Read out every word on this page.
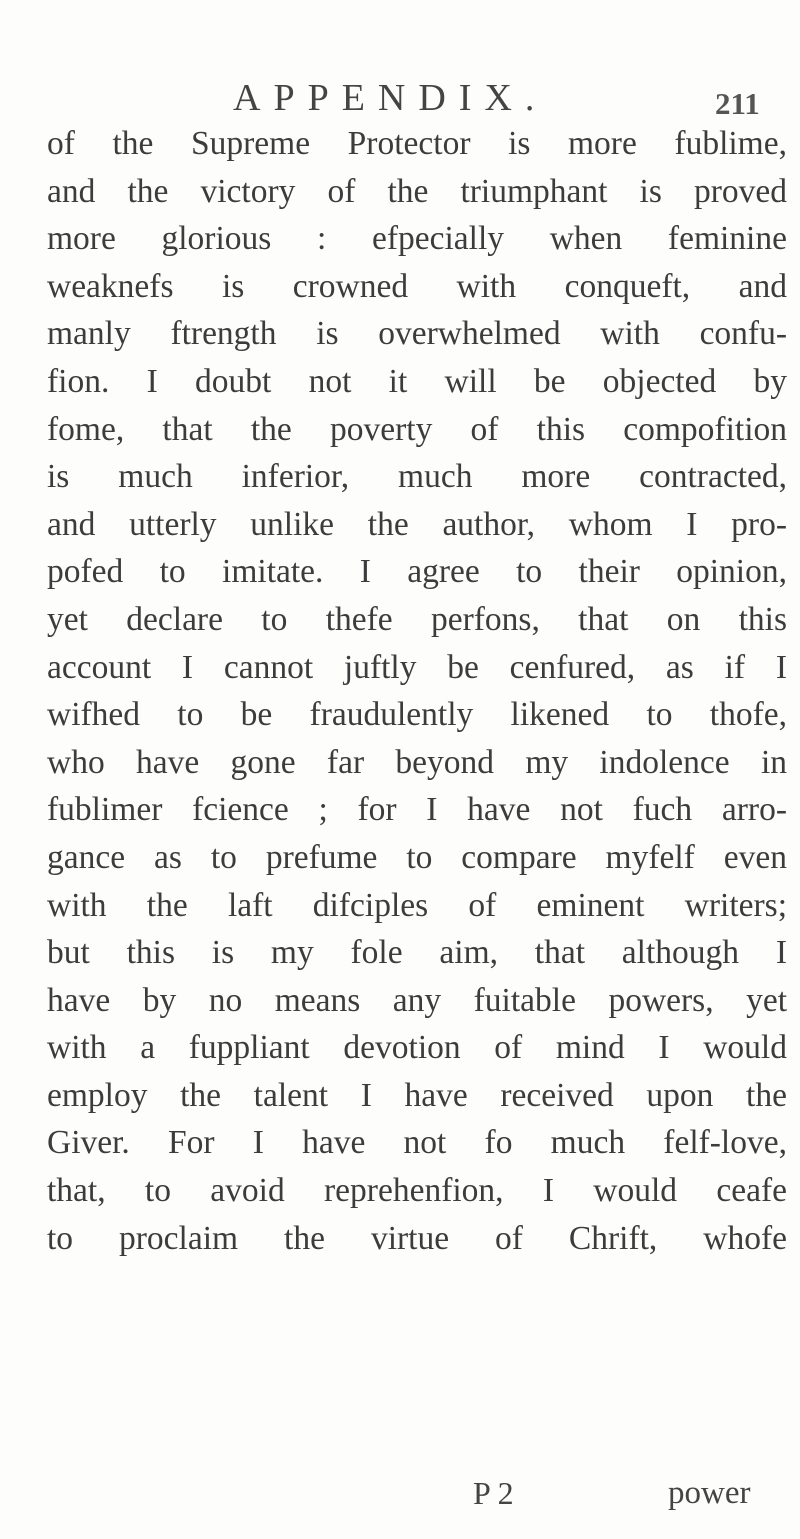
APPENDIX.	211
of the Supreme Protector is more fublime,
and the victory of the triumphant is proved
more glorious : efpecially when feminine
weaknefs is crowned with conqueft, and
manly ftrength is overwhelmed with confu-
fion. I doubt not it will be objected by
fome, that the poverty of this compofition
is much inferior, much more contracted,
and utterly unlike the author, whom I pro-
pofed to imitate. I agree to their opinion,
yet declare to thefe perfons, that on this
account I cannot juftly be cenfured, as if I
wifhed to be fraudulently likened to thofe,
who have gone far beyond my indolence in
fublimer fcience ; for I have not fuch arro-
gance as to prefume to compare myfelf even
with the laft difciples of eminent writers;
but this is my fole aim, that although I
have by no means any fuitable powers, yet
with a fuppliant devotion of mind I would
employ the talent I have received upon the
Giver. For I have not fo much felf-love,
that, to avoid reprehenfion, I would ceafe
to proclaim the virtue of Chrift, whofe
P 2	power
